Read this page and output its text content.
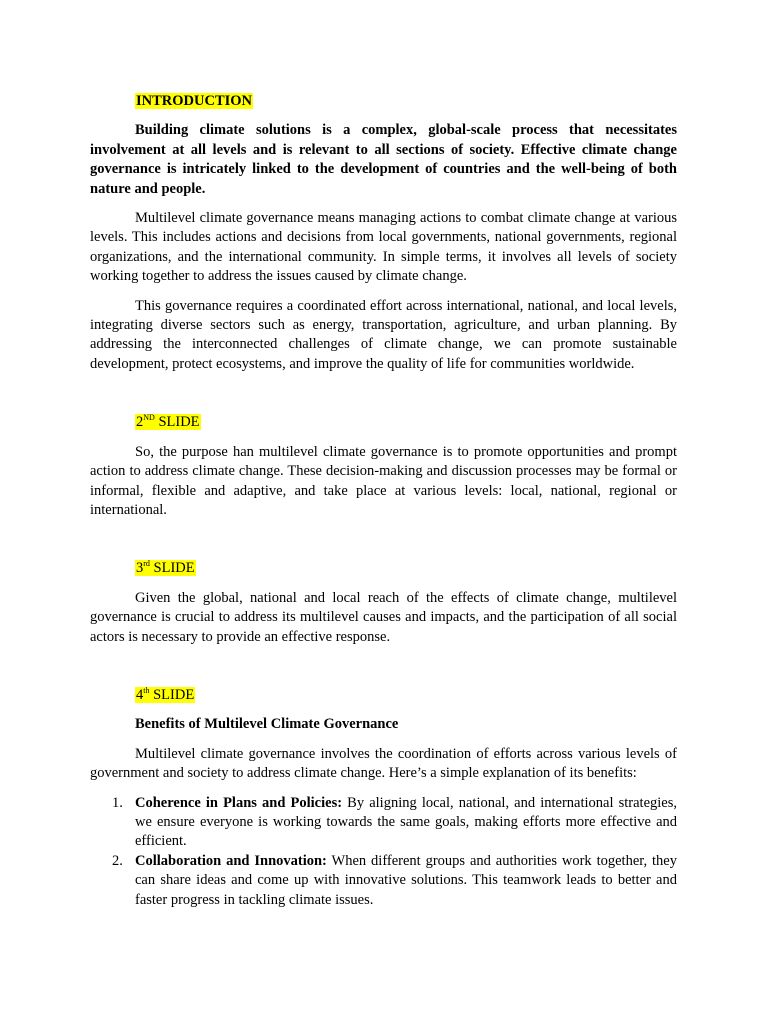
INTRODUCTION

Building climate solutions is a complex, global-scale process that necessitates involvement at all levels and is relevant to all sections of society. Effective climate change governance is intricately linked to the development of countries and the well-being of both nature and people.

Multilevel climate governance means managing actions to combat climate change at various levels. This includes actions and decisions from local governments, national governments, regional organizations, and the international community. In simple terms, it involves all levels of society working together to address the issues caused by climate change.

This governance requires a coordinated effort across international, national, and local levels, integrating diverse sectors such as energy, transportation, agriculture, and urban planning. By addressing the interconnected challenges of climate change, we can promote sustainable development, protect ecosystems, and improve the quality of life for communities worldwide.

2ND SLIDE

So, the purpose han multilevel climate governance is to promote opportunities and prompt action to address climate change. These decision-making and discussion processes may be formal or informal, flexible and adaptive, and take place at various levels: local, national, regional or international.

3rd SLIDE

Given the global, national and local reach of the effects of climate change, multilevel governance is crucial to address its multilevel causes and impacts, and the participation of all social actors is necessary to provide an effective response.

4th SLIDE
Benefits of Multilevel Climate Governance

Multilevel climate governance involves the coordination of efforts across various levels of government and society to address climate change. Here’s a simple explanation of its benefits:

1. Coherence in Plans and Policies: By aligning local, national, and international strategies, we ensure everyone is working towards the same goals, making efforts more effective and efficient.
2. Collaboration and Innovation: When different groups and authorities work together, they can share ideas and come up with innovative solutions. This teamwork leads to better and faster progress in tackling climate issues.
